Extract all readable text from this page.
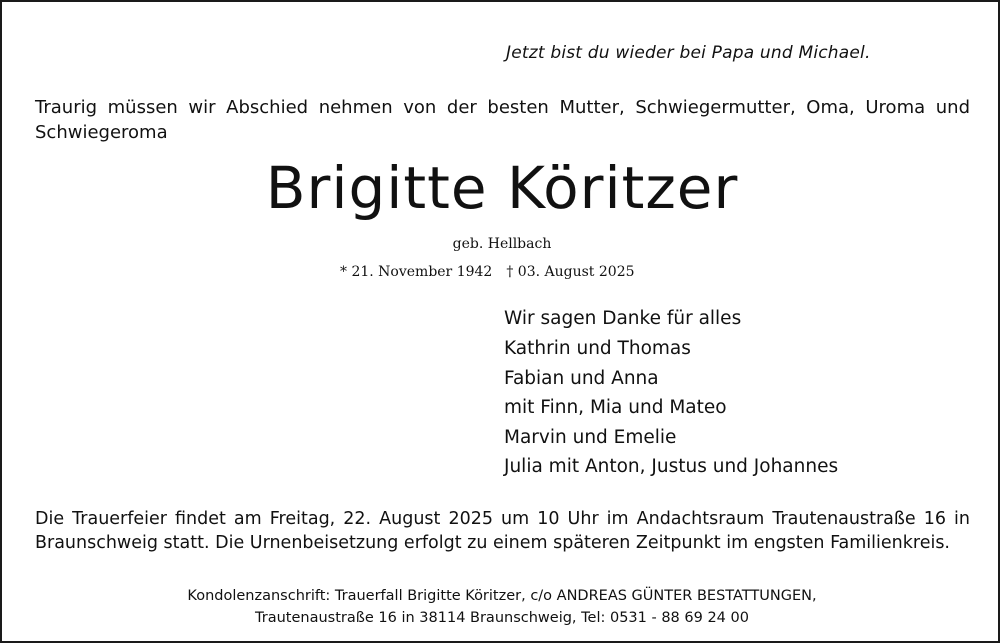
Jetzt bist du wieder bei Papa und Michael.
Traurig müssen wir Abschied nehmen von der besten Mutter, Schwiegermutter, Oma, Uroma und Schwiegeroma
Brigitte Köritzer
geb. Hellbach
* 21. November 1942 † 03. August 2025
Wir sagen Danke für alles
Kathrin und Thomas
Fabian und Anna
mit Finn, Mia und Mateo
Marvin und Emelie
Julia mit Anton, Justus und Johannes
Die Trauerfeier findet am Freitag, 22. August 2025 um 10 Uhr im Andachtsraum Trautenaustraße 16 in Braunschweig statt. Die Urnenbeisetzung erfolgt zu einem späteren Zeitpunkt im engsten Familienkreis.
Kondolenzanschrift: Trauerfall Brigitte Köritzer, c/o ANDREAS GÜNTER BESTATTUNGEN,
Trautenaustraße 16 in 38114 Braunschweig, Tel: 0531 - 88 69 24 00
